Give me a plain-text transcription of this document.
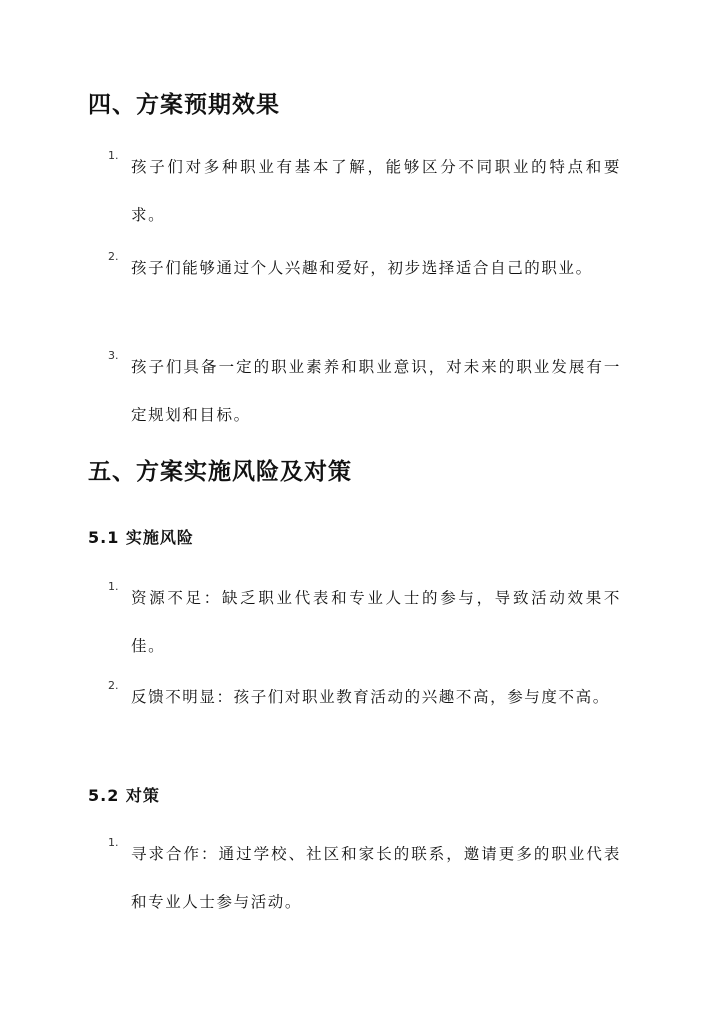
四、方案预期效果
1.
孩子们对多种职业有基本了解，能够区分不同职业的特点和要求。
2.
孩子们能够通过个人兴趣和爱好，初步选择适合自己的职业。
3.
孩子们具备一定的职业素养和职业意识，对未来的职业发展有一定规划和目标。
五、方案实施风险及对策
5.1 实施风险
1.
资源不足：缺乏职业代表和专业人士的参与，导致活动效果不佳。
2.
反馈不明显：孩子们对职业教育活动的兴趣不高，参与度不高。
5.2 对策
1.
寻求合作：通过学校、社区和家长的联系，邀请更多的职业代表和专业人士参与活动。
